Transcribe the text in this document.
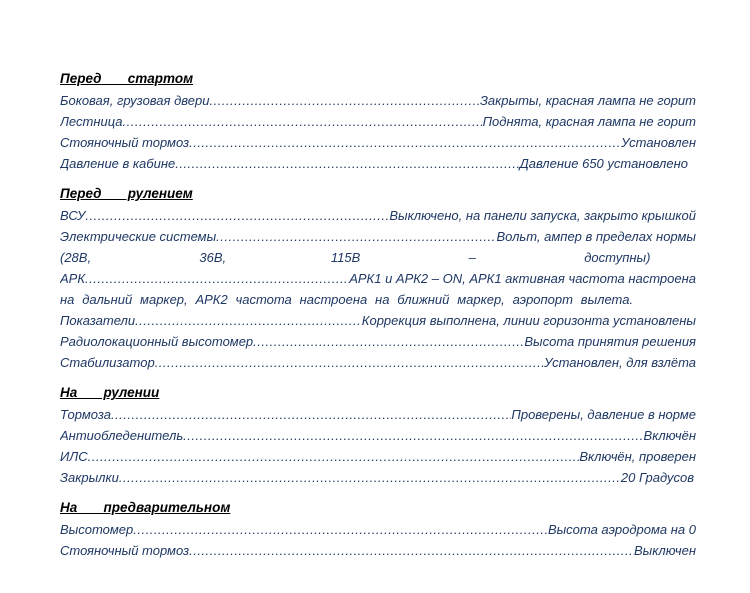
Перед       стартом
Боковая, грузовая двери .....	Закрыты, красная лампа не горит
Лестница .....	Поднята, красная лампа не горит
Стояночный тормоз .....	Установлен
Давление в кабине .....	Давление 650 установлено
Перед       рулением
ВСУ .....	Выключено, на панели запуска, закрыто крышкой
Электрические системы .....	Вольт, ампер в пределах нормы
(28В,                              36В,                             115В                              –                              доступны)
АРК .....	АРК1 и АРК2 – ON, АРК1 активная частота настроена
на дальний маркер, АРК2 частота настроена на ближний маркер, аэропорт вылета.
Показатели .....	Коррекция выполнена, линии горизонта установлены
Радиолокационный высотомер .....	Высота принятия решения
Стабилизатор .....	Установлен, для взлёта
На       рулении
Тормоза .....	Проверены, давление в норме
Антиобледенитель .....	Включён
ИЛС .....	Включён, проверен
Закрылки .....	20 Градусов
На       предварительном
Высотомер .....	Высота аэродрома на 0
Стояночный тормоз .....	Выключен
